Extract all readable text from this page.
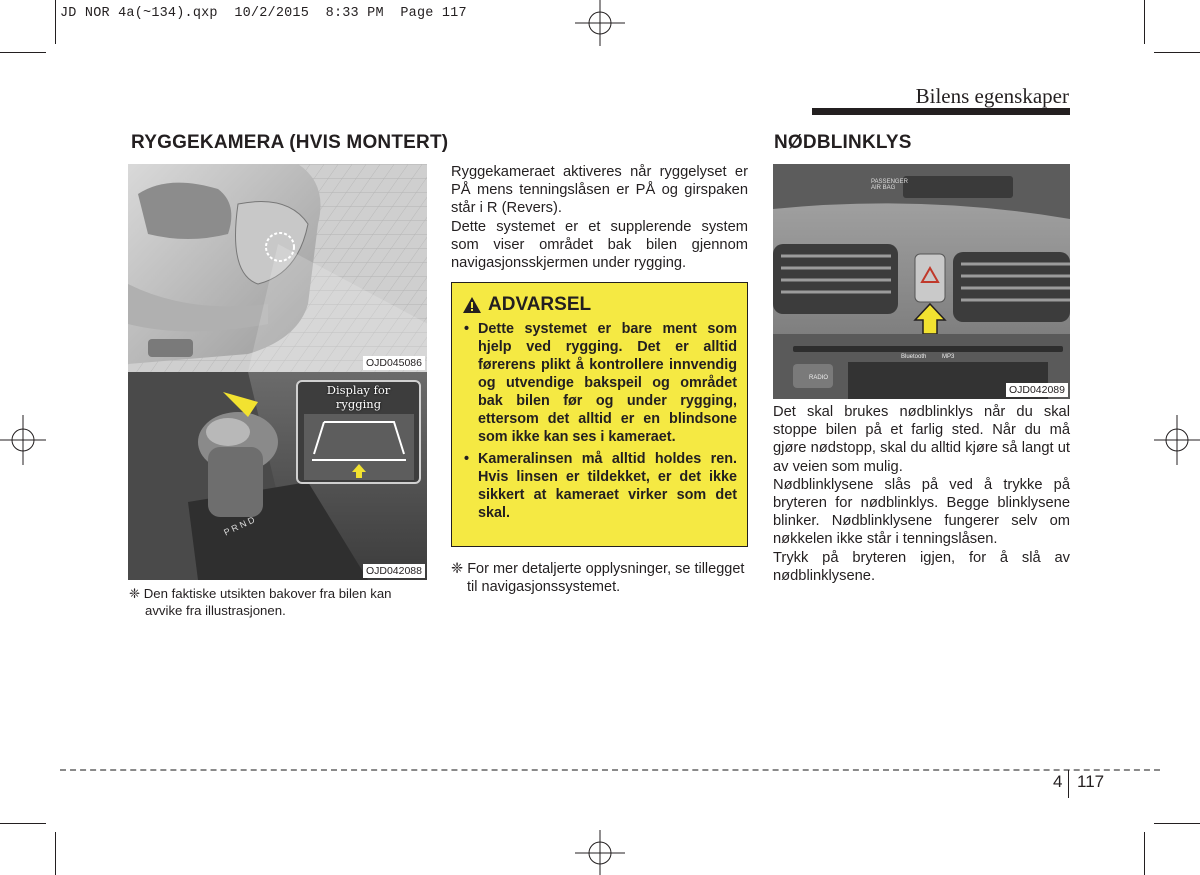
JD NOR 4a(~134).qxp  10/2/2015  8:33 PM  Page 117
Bilens egenskaper
RYGGEKAMERA (HVIS MONTERT)
OJD045086
Display for
rygging
P R N D
OJD042088
❈ Den faktiske utsikten bakover fra bilen kan avvike fra illustrasjonen.

Ryggekameraet aktiveres når ryggelyset er PÅ mens tenningslåsen er PÅ og girspaken står i R (Revers).

Dette systemet er et supplerende system som viser området bak bilen gjennom navigasjonsskjermen under rygging.

ADVARSEL
• Dette systemet er bare ment som hjelp ved rygging. Det er alltid førerens plikt å kontrollere innvendig og utvendige bakspeil og området bak bilen før og under rygging, ettersom det alltid er en blindsone som ikke kan ses i kameraet.
• Kameralinsen må alltid holdes ren. Hvis linsen er tildekket, er det ikke sikkert at kameraet virker som det skal.
❈ For mer detaljerte opplysninger, se tillegget til navigasjonssystemet.
NØDBLINKLYS
PASSENGER
AIR BAG
RADIO
Bluetooth	MP3
OJD042089

Det skal brukes nødblinklys når du skal stoppe bilen på et farlig sted. Når du må gjøre nødstopp, skal du alltid kjøre så langt ut av veien som mulig.

Nødblinklysene slås på ved å trykke på bryteren for nødblinklys. Begge blinklysene blinker. Nødblinklysene fungerer selv om nøkkelen ikke står i tenningslåsen.

Trykk på bryteren igjen, for å slå av nødblinklysene.

4 117
